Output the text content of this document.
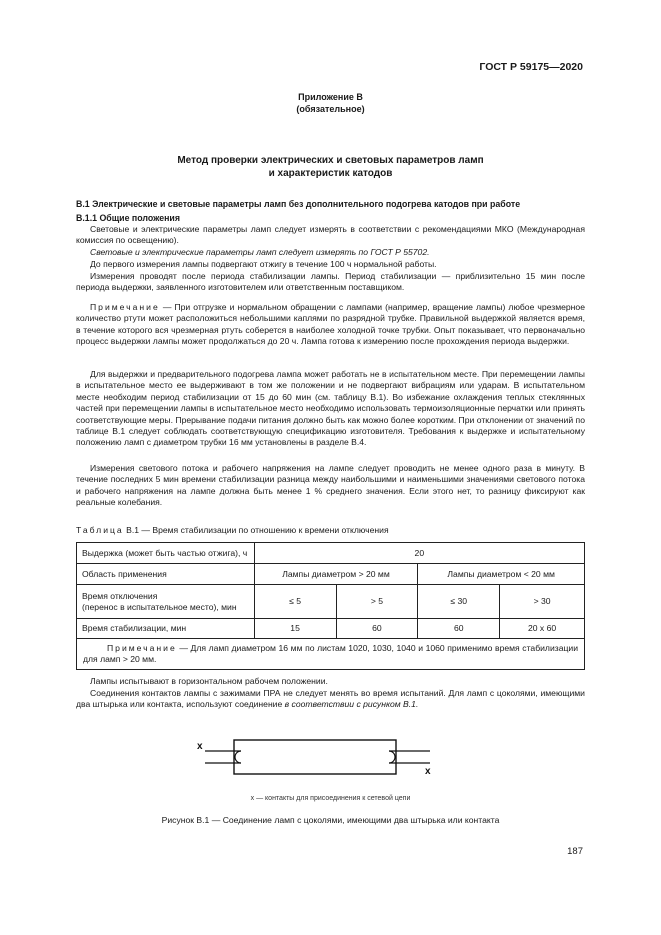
ГОСТ Р 59175—2020
Приложение В
(обязательное)
Метод проверки электрических и световых параметров ламп
и характеристик катодов
В.1 Электрические и световые параметры ламп без дополнительного подогрева катодов при работе
В.1.1 Общие положения
Световые и электрические параметры ламп следует измерять в соответствии с рекомендациями МКО (Международная комиссия по освещению).
Световые и электрические параметры ламп следует измерять по ГОСТ Р 55702.
До первого измерения лампы подвергают отжигу в течение 100 ч нормальной работы.
Измерения проводят после периода стабилизации лампы. Период стабилизации — приблизительно 15 мин после периода выдержки, заявленного изготовителем или ответственным поставщиком.
Примечание — При отгрузке и нормальном обращении с лампами (например, вращение лампы) любое чрезмерное количество ртути может расположиться небольшими каплями по разрядной трубке. Правильной выдержкой является время, в течение которого вся чрезмерная ртуть соберется в наиболее холодной точке трубки. Опыт показывает, что первоначально процесс выдержки лампы может продолжаться до 20 ч. Лампа готова к измерению после прохождения периода выдержки.
Для выдержки и предварительного подогрева лампа может работать не в испытательном месте. При перемещении лампы в испытательное место ее выдерживают в том же положении и не подвергают вибрациям или ударам. В испытательном месте необходим период стабилизации от 15 до 60 мин (см. таблицу В.1). Во избежание охлаждения теплых стеклянных частей при перемещении лампы в испытательное место необходимо использовать термоизоляционные перчатки или принять соответствующие меры. Прерывание подачи питания должно быть как можно более коротким. При отклонении от значений по таблице В.1 следует соблюдать соответствующую спецификацию изготовителя. Требования к выдержке и испытательному положению ламп с диаметром трубки 16 мм установлены в разделе В.4.
Измерения светового потока и рабочего напряжения на лампе следует проводить не менее одного раза в минуту. В течение последних 5 мин времени стабилизации разница между наибольшими и наименьшими значениями светового потока и рабочего напряжения на лампе должна быть менее 1 % среднего значения. Если этого нет, то разницу фиксируют как реальные колебания.
Таблица В.1 — Время стабилизации по отношению к времени отключения
Выдержка (может быть частью отжига), ч	20			
Область применения	Лампы диаметром > 20 мм		Лампы диаметром < 20 мм	
Время отключения
(перенос в испытательное место), мин	≤ 5	> 5	≤ 30	> 30
Время стабилизации, мин	15	60	60	20 x 60
Примечание — Для ламп диаметром 16 мм по листам 1020, 1030, 1040 и 1060 применимо время стабилизации для ламп > 20 мм.				
Лампы испытывают в горизонтальном рабочем положении.
Соединения контактов лампы с зажимами ПРА не следует менять во время испытаний. Для ламп с цоколями, имеющими два штырька или контакта, используют соединение в соответствии с рисунком В.1.
x
x
x — контакты для присоединения к сетевой цепи
Рисунок В.1 — Соединение ламп с цоколями, имеющими два штырька или контакта
187
